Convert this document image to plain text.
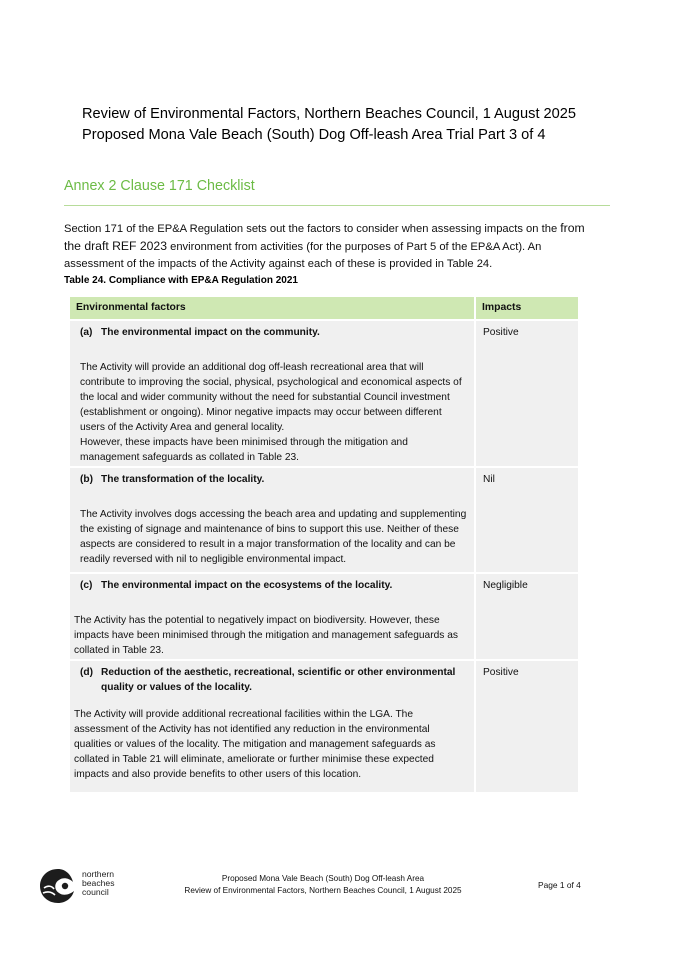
Review of Environmental Factors, Northern Beaches Council, 1 August 2025
Proposed Mona Vale Beach (South) Dog Off-leash Area Trial Part 3 of 4
Annex 2 Clause 171 Checklist
Section 171 of the EP&A Regulation sets out the factors to consider when assessing impacts on the from the draft REF 2023 environment from activities (for the purposes of Part 5 of the EP&A Act). An assessment of the impacts of the Activity against each of these is provided in Table 24.
Table 24. Compliance with EP&A Regulation 2021
Environmental factors	Impacts
(a) The environmental impact on the community.

The Activity will provide an additional dog off-leash recreational area that will contribute to improving the social, physical, psychological and economical aspects of the local and wider community without the need for substantial Council investment (establishment or ongoing). Minor negative impacts may occur between different users of the Activity Area and general locality.

However, these impacts have been minimised through the mitigation and management safeguards as collated in Table 23.

Positive
(b) The transformation of the locality.

The Activity involves dogs accessing the beach area and updating and supplementing the existing of signage and maintenance of bins to support this use. Neither of these aspects are considered to result in a major transformation of the locality and can be readily reversed with nil to negligible environmental impact.

Nil
(c) The environmental impact on the ecosystems of the locality.

The Activity has the potential to negatively impact on biodiversity. However, these impacts have been minimised through the mitigation and management safeguards as collated in Table 23.

Negligible
(d) Reduction of the aesthetic, recreational, scientific or other environmental quality or values of the locality.

The Activity will provide additional recreational facilities within the LGA. The assessment of the Activity has not identified any reduction in the environmental qualities or values of the locality. The mitigation and management safeguards as collated in Table 21 will eliminate, ameliorate or further minimise these expected impacts and also provide benefits to other users of this location.

Positive
northern
beaches
council
Proposed Mona Vale Beach (South) Dog Off-leash Area
Review of Environmental Factors, Northern Beaches Council, 1 August 2025
Page 1 of 4
